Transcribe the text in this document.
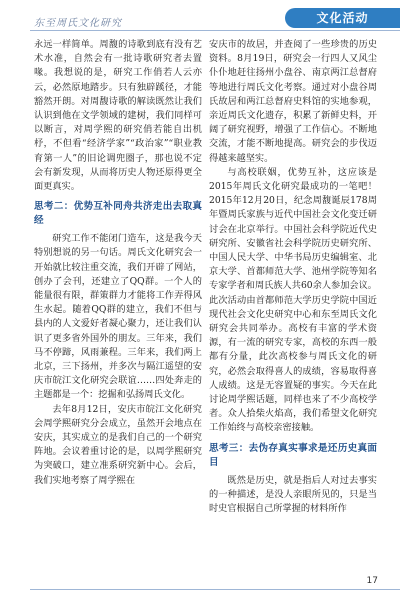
东至周氏文化研究	文化活动

永远一样简单。周馥的诗歌到底有没有艺术水准，自然会有一批诗歌研究者去置喙。我想说的是，研究工作俏若人云亦云，必然原地踏步。只有独辟蹊径，才能豁然开朗。对周馥诗歌的解读既然让我们认识到他在文学领域的建树，我们同样可以断言，对周学熙的研究俏若能自出机杼，不但看“经济学家”“政治家”“职业教育第一人”的旧论调兜圈子，那也说不定会有新发现，从而将历史人物还原得更全面更真实。

思考二：优势互补同舟共济走出去取真经

研究工作不能闭门造车，这是我今天特别想说的另一句话。周氏文化研究会一开始就比较注重交流，我们开辟了网站，创办了会刊，还建立了QQ群。一个人的能量很有限，群策群力才能将工作弄得风生水起。随着QQ群的建立，我们不但与县内的人文爱好者凝心聚力，还让我们认识了更多省外国外的朋友。三年来，我们马不停蹄，风雨兼程。三年来，我们两上北京，三下扬州，并多次与隔江遥望的安庆市皖江文化研究会联谊……四处奔走的主题都是一个：挖掘和弘扬周氏文化。

去年8月12日，安庆市皖江文化研究会周学熙研究分会成立，虽然开会地点在安庆，其实成立的是我们自己的一个研究阵地。会议着重讨论的是，以周学熙研究为突破口，建立准系研究新中心。会后，我们实地考察了周学熙在

安庆市的故居，并查阅了一些珍贵的历史资料。8月19日，研究会一行四人又风尘仆仆地赶往扬州小盘谷、南京两江总督府等地进行周氏文化考察。通过对小盘谷周氏故居和两江总督府史料馆的实地参观，亲近周氏文化遗存，积累了新鲜史料，开阔了研究视野，增强了工作信心。不断地交流，才能不断地提高。研究会的步伐迈得越来越坚实。

与高校联姻，优势互补，这应该是2015年周氏文化研究最成功的一笔吧！2015年12月20日，纪念周馥诞辰178周年暨周氏家族与近代中国社会文化变迁研讨会在北京举行。中国社会科学院近代史研究所、安徽省社会科学院历史研究所、中国人民大学、中华书局历史编辑室、北京大学、首都师范大学、池州学院等知名专家学者和周氏族人共60余人参加会议。此次活动由首都师范大学历史学院中国近现代社会文化史研究中心和东至周氏文化研究会共同举办。高校有丰富的学术资源，有一流的研究专家，高校的东西一般都有分量，此次高校参与周氏文化的研究，必然会取得喜人的成绩，容易取得喜人成绩。这是无容置疑的事实。今天在此讨论周学熙话题，同样也来了不少高校学者。众人拾柴火焰高，我们希望文化研究工作始终与高校亲密接触。

思考三：去伪存真实事求是还历史真面目

既然是历史，就是指后人对过去事实的一种描述，是没人亲眼所见的，只是当时史官根据自己所掌握的材料所作

17
